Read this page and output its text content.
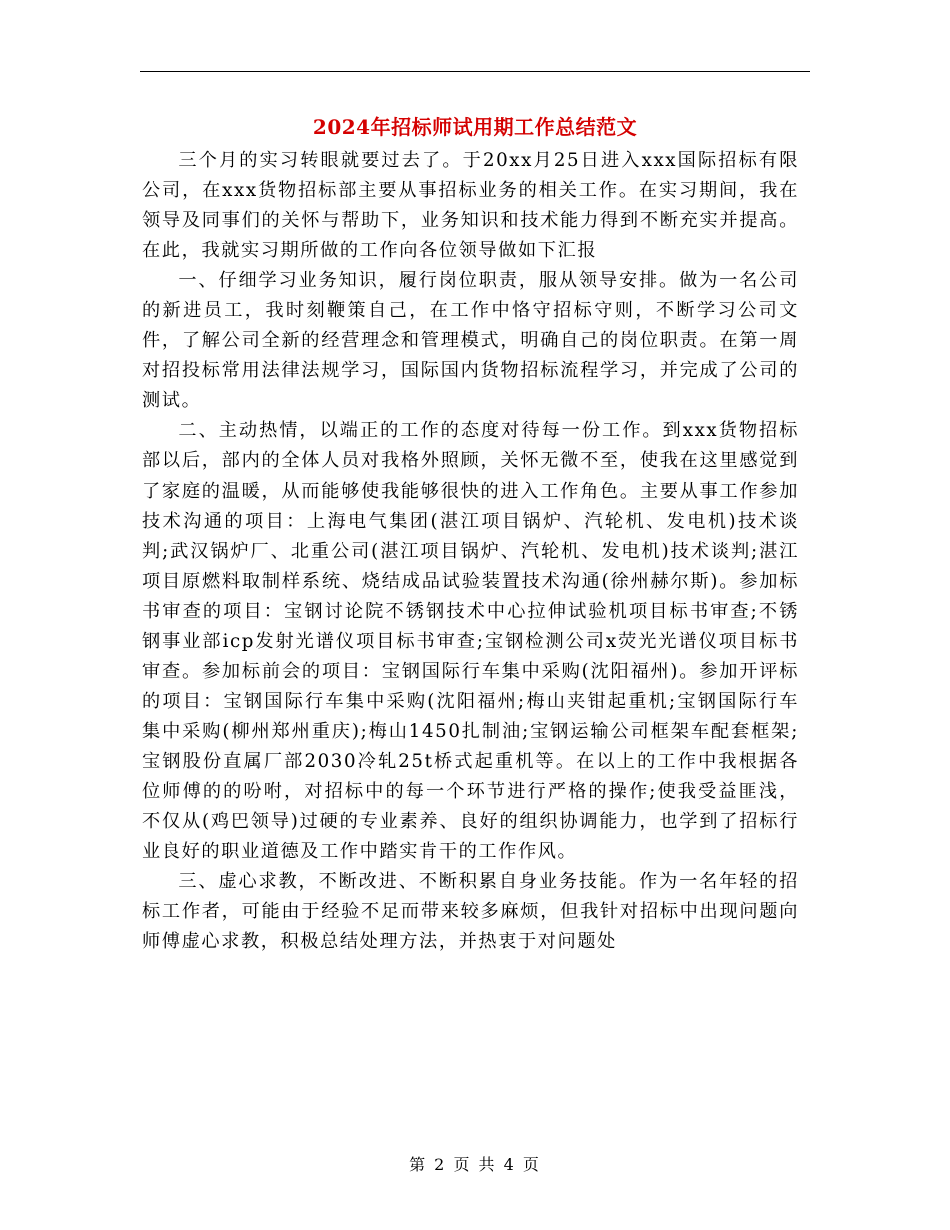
2024年招标师试用期工作总结范文

三个月的实习转眼就要过去了。于20xx月25日进入xxx国际招标有限公司，在xxx货物招标部主要从事招标业务的相关工作。在实习期间，我在领导及同事们的关怀与帮助下，业务知识和技术能力得到不断充实并提高。在此，我就实习期所做的工作向各位领导做如下汇报

一、仔细学习业务知识，履行岗位职责，服从领导安排。做为一名公司的新进员工，我时刻鞭策自己，在工作中恪守招标守则，不断学习公司文件，了解公司全新的经营理念和管理模式，明确自己的岗位职责。在第一周对招投标常用法律法规学习，国际国内货物招标流程学习，并完成了公司的测试。

二、主动热情，以端正的工作的态度对待每一份工作。到xxx货物招标部以后，部内的全体人员对我格外照顾，关怀无微不至，使我在这里感觉到了家庭的温暖，从而能够使我能够很快的进入工作角色。主要从事工作参加技术沟通的项目：上海电气集团(湛江项目锅炉、汽轮机、发电机)技术谈判;武汉锅炉厂、北重公司(湛江项目锅炉、汽轮机、发电机)技术谈判;湛江项目原燃料取制样系统、烧结成品试验装置技术沟通(徐州赫尔斯)。参加标书审查的项目：宝钢讨论院不锈钢技术中心拉伸试验机项目标书审查;不锈钢事业部icp发射光谱仪项目标书审查;宝钢检测公司x荧光光谱仪项目标书审查。参加标前会的项目：宝钢国际行车集中采购(沈阳福州)。参加开评标的项目：宝钢国际行车集中采购(沈阳福州;梅山夹钳起重机;宝钢国际行车集中采购(柳州郑州重庆);梅山1450扎制油;宝钢运输公司框架车配套框架;宝钢股份直属厂部2030冷轧25t桥式起重机等。在以上的工作中我根据各位师傅的的吩咐，对招标中的每一个环节进行严格的操作;使我受益匪浅，不仅从(鸡巴领导)过硬的专业素养、良好的组织协调能力，也学到了招标行业良好的职业道德及工作中踏实肯干的工作作风。

三、虚心求教，不断改进、不断积累自身业务技能。作为一名年轻的招标工作者，可能由于经验不足而带来较多麻烦，但我针对招标中出现问题向师傅虚心求教，积极总结处理方法，并热衷于对问题处

第 2 页 共 4 页
